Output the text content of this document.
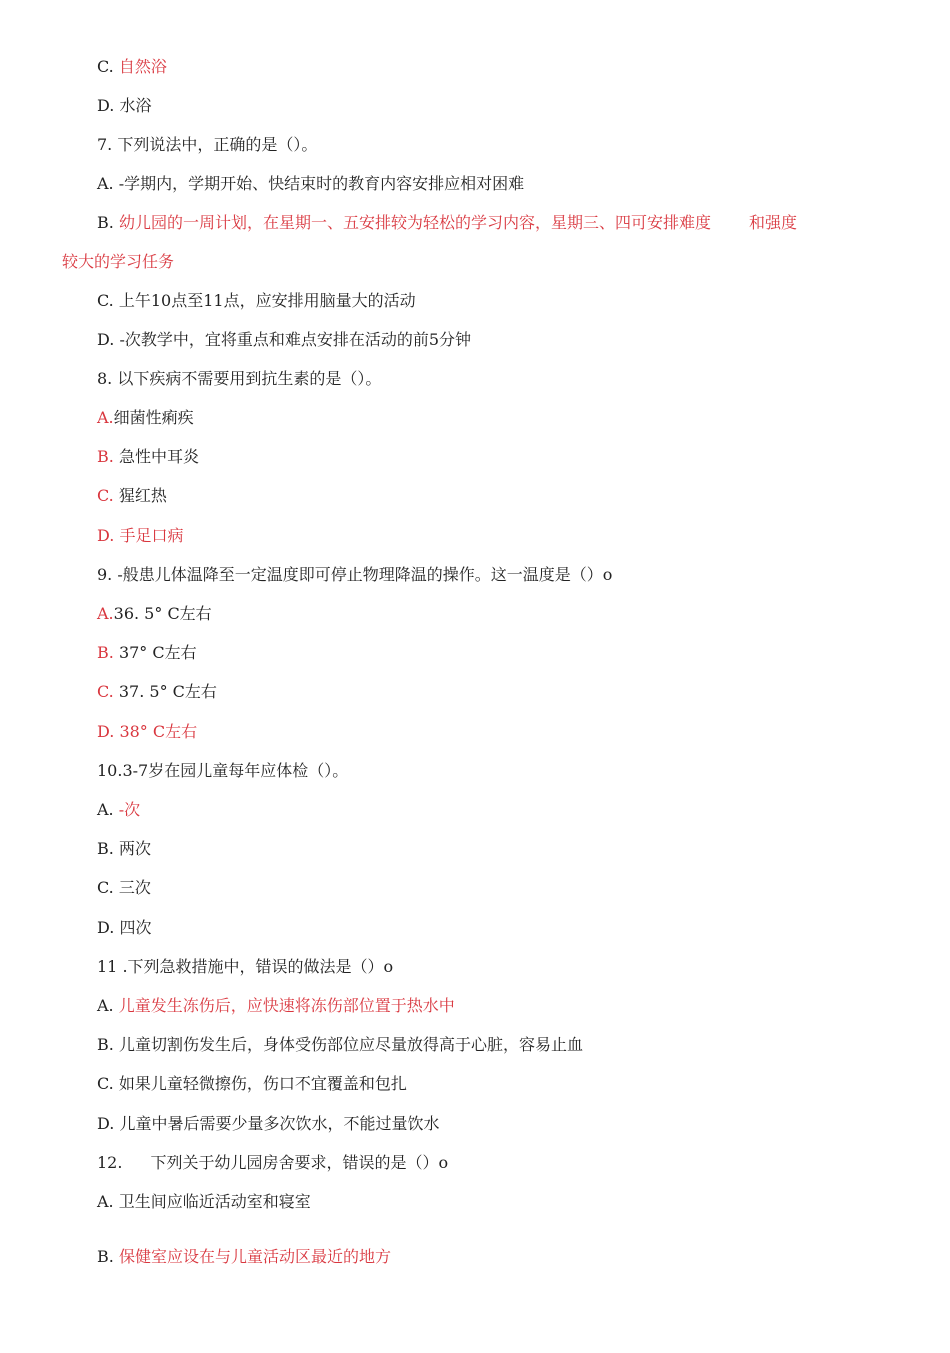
C. 自然浴
D. 水浴
7. 下列说法中，正确的是（）。
A. -学期内，学期开始、快结束时的教育内容安排应相对困难
B. 幼儿园的一周计划，在星期一、五安排较为轻松的学习内容，星期三、四可安排难度 和强度
较大的学习任务
C. 上午10点至11点，应安排用脑量大的活动
D. -次教学中，宜将重点和难点安排在活动的前5分钟
8. 以下疾病不需要用到抗生素的是（）。
A.细菌性痢疾
B. 急性中耳炎
C. 猩红热
D. 手足口病
9. -般患儿体温降至一定温度即可停止物理降温的操作。这一温度是（）o
A.36. 5° C左右
B. 37° C左右
C. 37. 5° C左右
D. 38° C左右
10.3-7岁在园儿童每年应体检（）。
A. -次
B. 两次
C. 三次
D. 四次
11 .下列急救措施中，错误的做法是（）o
A. 儿童发生冻伤后，应快速将冻伤部位置于热水中
B. 儿童切割伤发生后，身体受伤部位应尽量放得高于心脏，容易止血
C. 如果儿童轻微擦伤，伤口不宜覆盖和包扎
D. 儿童中暑后需要少量多次饮水，不能过量饮水
12. 下列关于幼儿园房舍要求，错误的是（）o
A. 卫生间应临近活动室和寝室
B. 保健室应设在与儿童活动区最近的地方
